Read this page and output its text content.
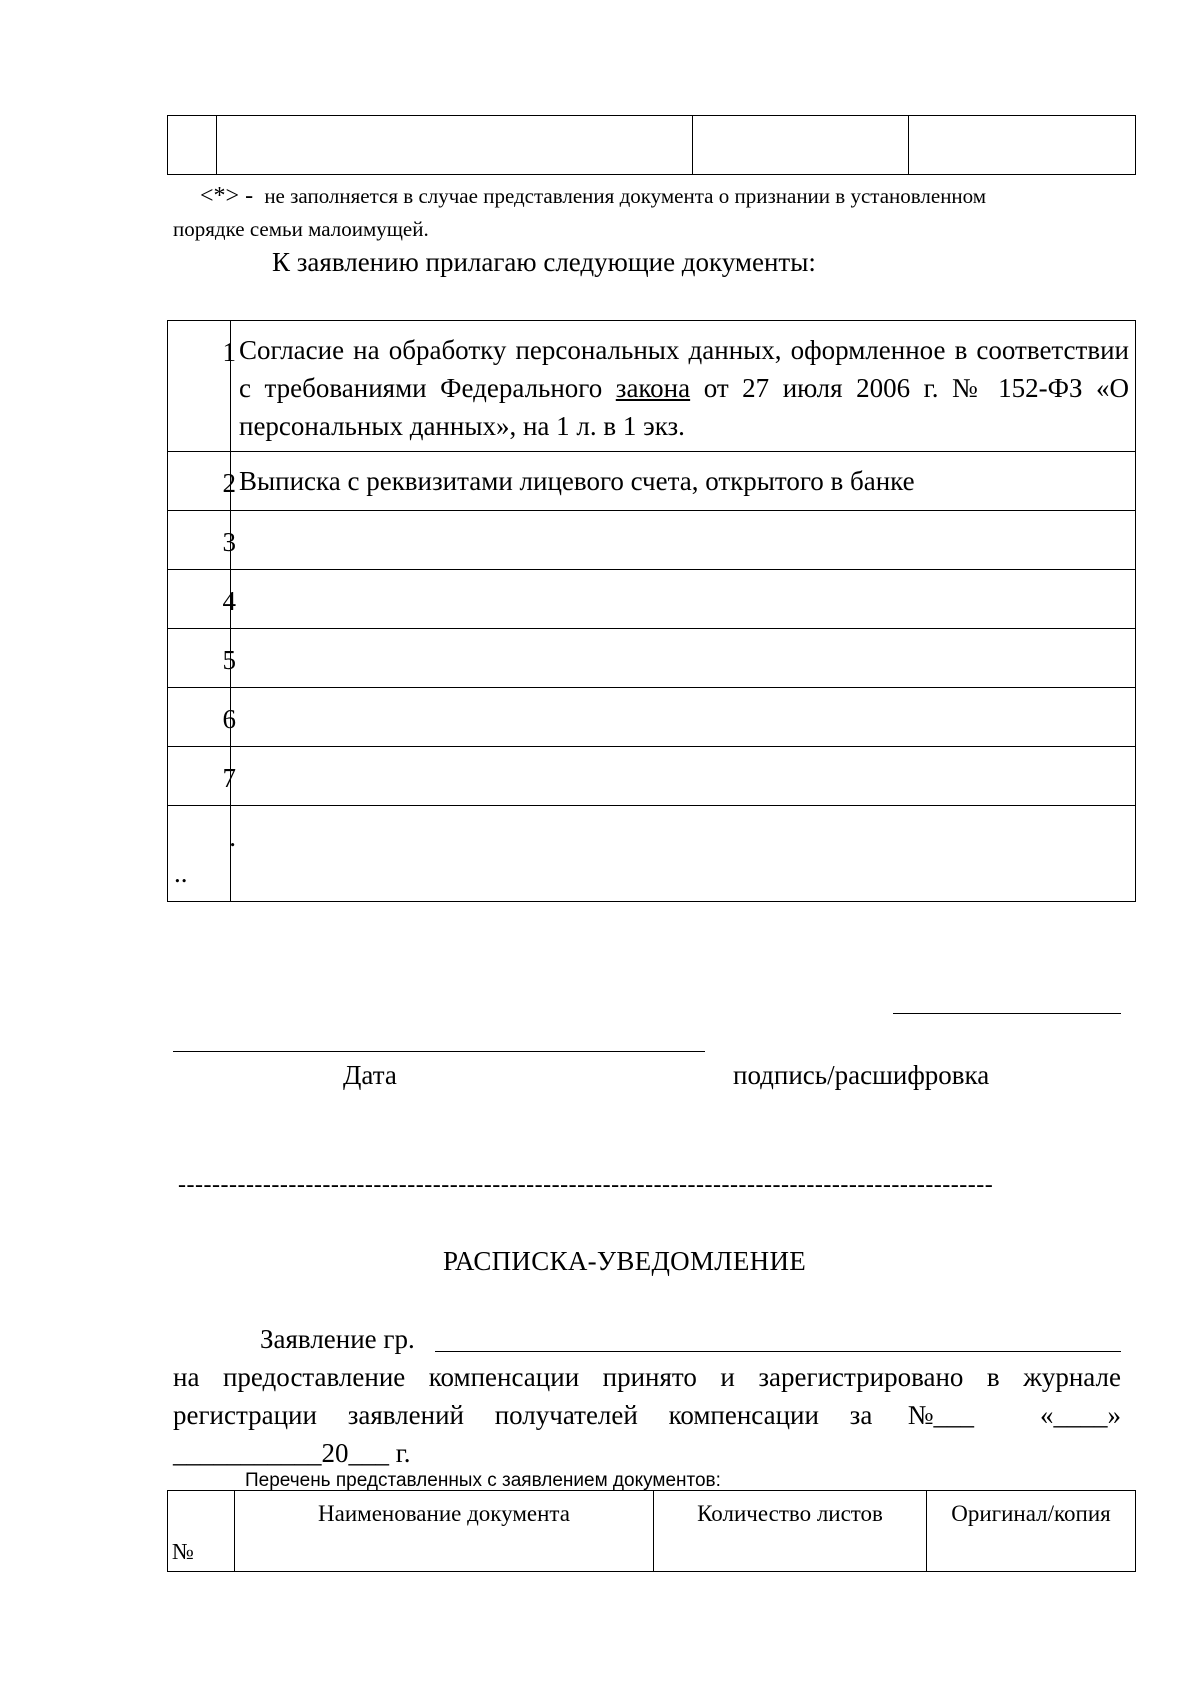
<*> - не заполняется в случае представления документа о признании в установленном
порядке семьи малоимущей.
К заявлению прилагаю следующие документы:
1	Согласие на обработку персональных данных, оформленное в соответствии с требованиями Федерального закона от 27 июля 2006 г. № 152-ФЗ «О персональных данных», на 1 л. в 1 экз.

2	Выписка с реквизитами лицевого счета, открытого в банке

3	

4	

5	

6	

7	

.
..	

Дата	подпись/расшифровка
------------------------------------------------------------------------------------------------
РАСПИСКА-УВЕДОМЛЕНИЕ
Заявление гр.
на предоставление компенсации принято и зарегистрировано в журнале
регистрации заявлений получателей компенсации за №___ «____»
___________20___ г.
Перечень представленных с заявлением документов:
№	Наименование документа	Количество листов	Оригинал/копия
